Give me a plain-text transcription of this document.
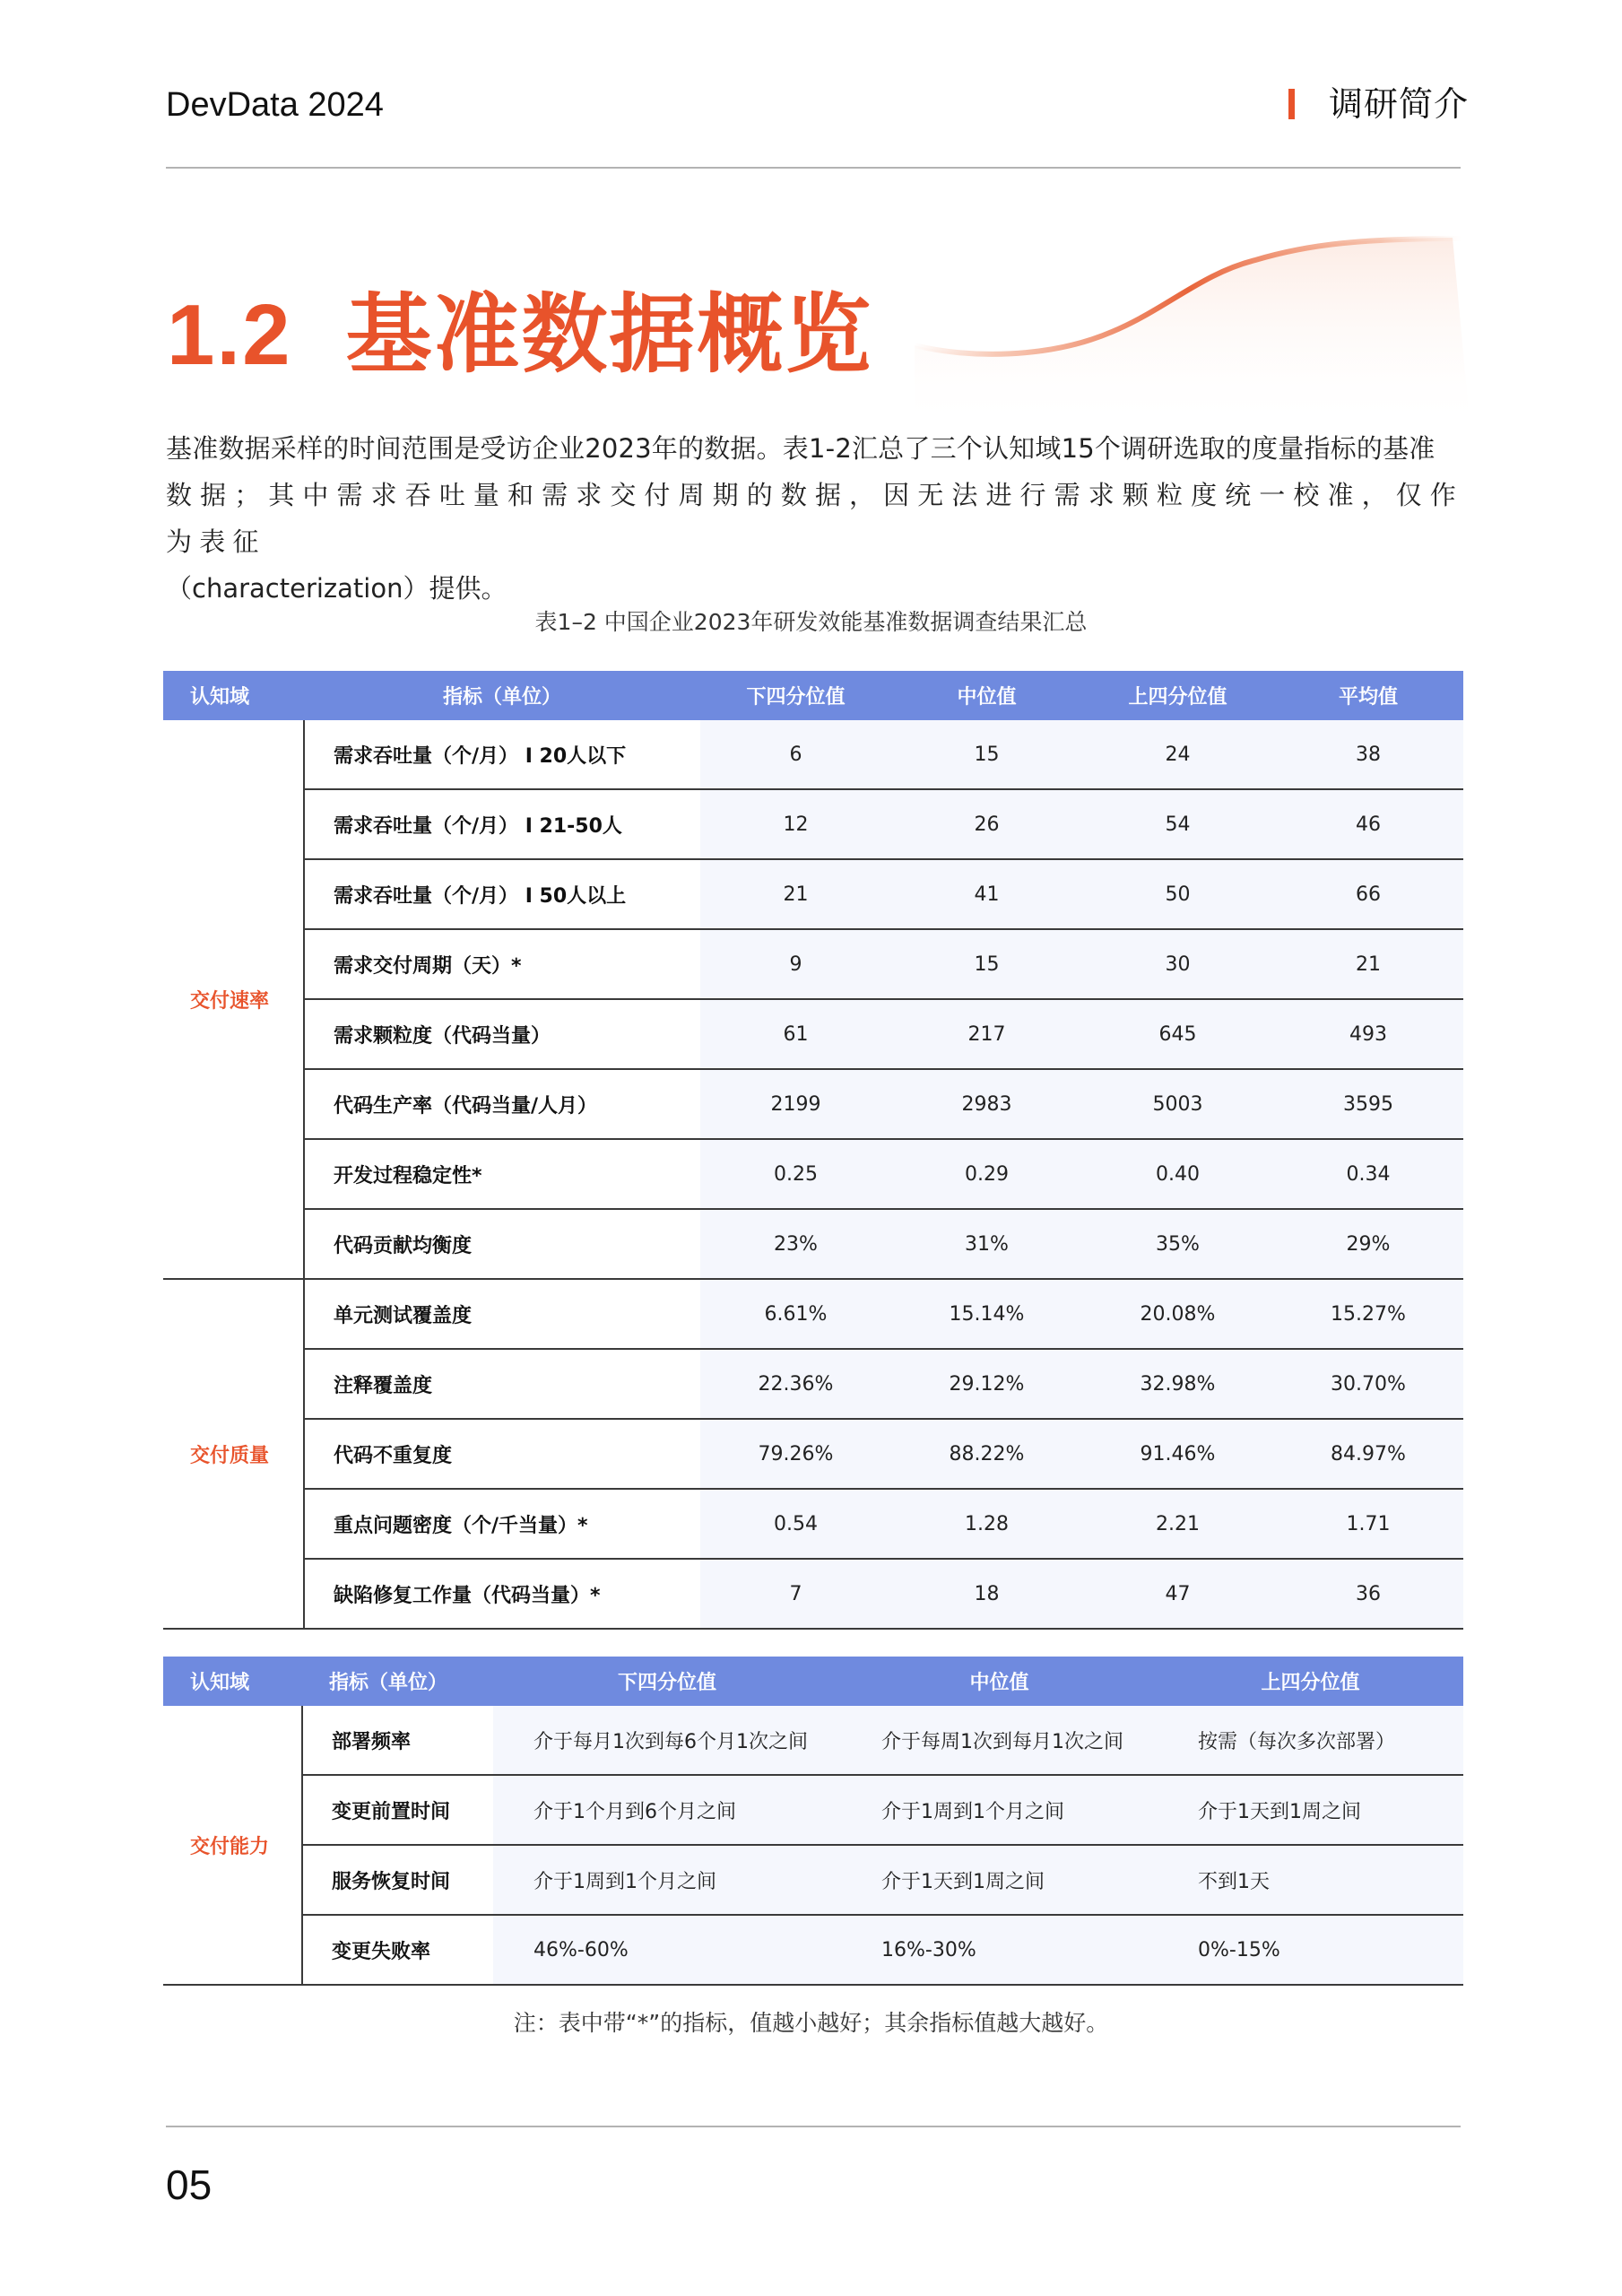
DevData 2024	调研简介
1.2 基准数据概览

基准数据采样的时间范围是受访企业2023年的数据。表1-2汇总了三个认知域15个调研选取的度量指标的基准

数据；其中需求吞吐量和需求交付周期的数据，因无法进行需求颗粒度统一校准，仅作为表征

（characterization）提供。

表1–2 中国企业2023年研发效能基准数据调查结果汇总
认知域	指标（单位）	下四分位值	中位值	上四分位值	平均值
交付速率	需求吞吐量（个/月） I 20人以下	6	15	24	38
	需求吞吐量（个/月） I 21-50人	12	26	54	46
	需求吞吐量（个/月） I 50人以上	21	41	50	66
	需求交付周期（天）*	9	15	30	21
	需求颗粒度（代码当量）	61	217	645	493
	代码生产率（代码当量/人月）	2199	2983	5003	3595
	开发过程稳定性*	0.25	0.29	0.40	0.34
	代码贡献均衡度	23%	31%	35%	29%
交付质量	单元测试覆盖度	6.61%	15.14%	20.08%	15.27%
	注释覆盖度	22.36%	29.12%	32.98%	30.70%
	代码不重复度	79.26%	88.22%	91.46%	84.97%
	重点问题密度（个/千当量）*	0.54	1.28	2.21	1.71
	缺陷修复工作量（代码当量）*	7	18	47	36
认知域	指标（单位）	下四分位值	中位值	上四分位值
交付能力	部署频率	介于每月1次到每6个月1次之间	介于每周1次到每月1次之间	按需（每次多次部署）
	变更前置时间	介于1个月到6个月之间	介于1周到1个月之间	介于1天到1周之间
	服务恢复时间	介于1周到1个月之间	介于1天到1周之间	不到1天
	变更失败率	46%-60%	16%-30%	0%-15%
注：表中带“*”的指标，值越小越好；其余指标值越大越好。
05
